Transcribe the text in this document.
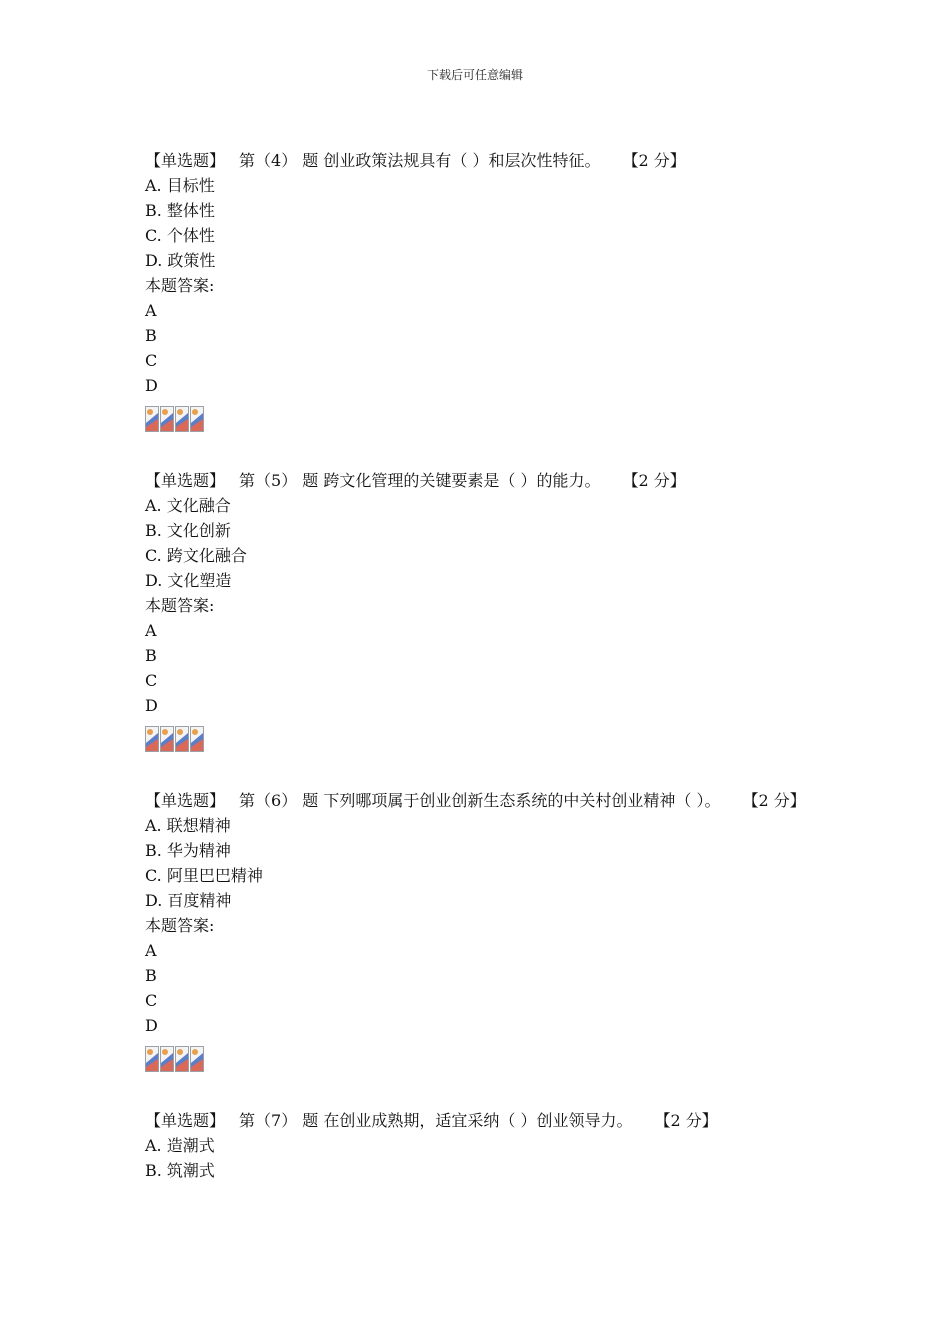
下载后可任意编辑
【单选题】 第（4） 题 创业政策法规具有（ ）和层次性特征。 【2 分】
A. 目标性
B. 整体性
C. 个体性
D. 政策性
本题答案:
A
B
C
D
【单选题】 第（5） 题 跨文化管理的关键要素是（ ）的能力。 【2 分】
A. 文化融合
B. 文化创新
C. 跨文化融合
D. 文化塑造
本题答案:
A
B
C
D
【单选题】 第（6） 题 下列哪项属于创业创新生态系统的中关村创业精神（ ）。 【2 分】
A. 联想精神
B. 华为精神
C. 阿里巴巴精神
D. 百度精神
本题答案:
A
B
C
D
【单选题】 第（7） 题 在创业成熟期，适宜采纳（ ）创业领导力。 【2 分】
A. 造潮式
B. 筑潮式
